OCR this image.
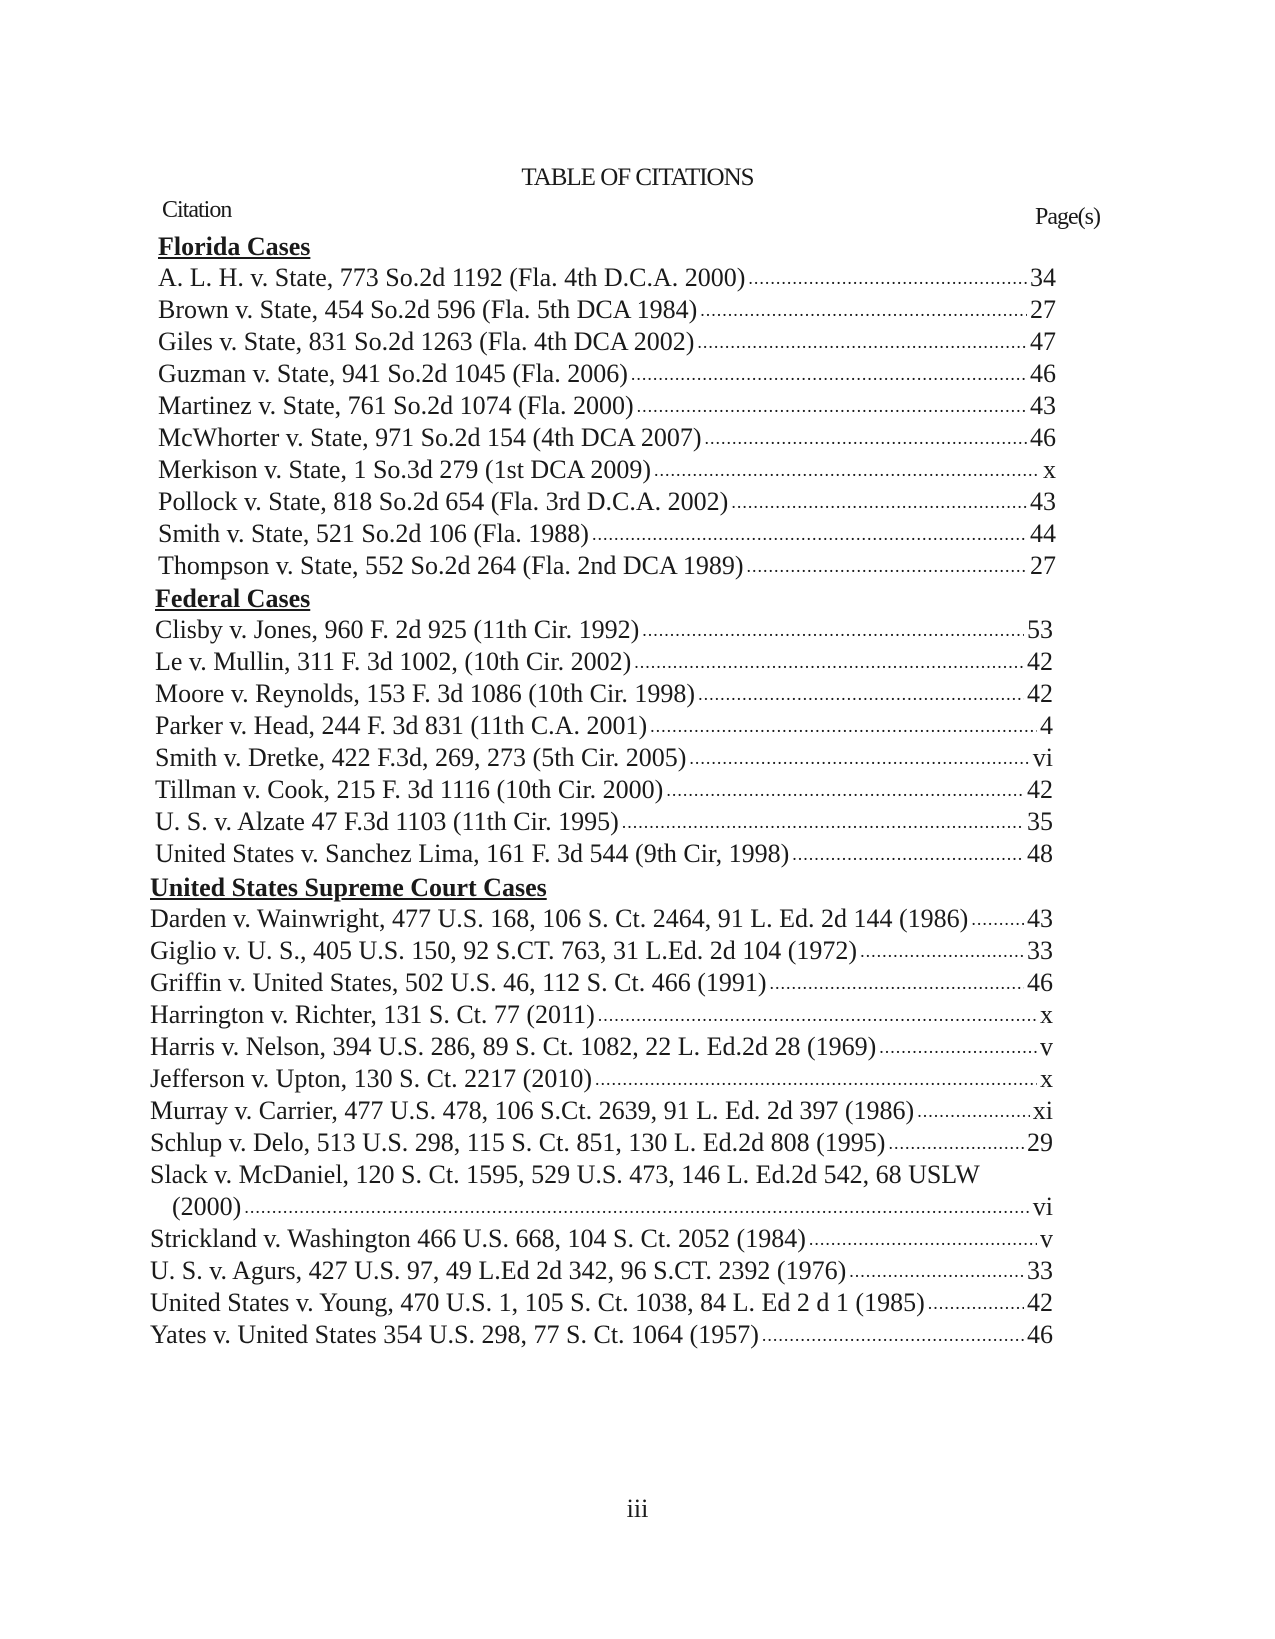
TABLE OF CITATIONS
Citation	Page(s)
Florida Cases
A. L. H. v. State, 773 So.2d 1192 (Fla. 4th D.C.A. 2000) .....	34
Brown v. State, 454 So.2d 596 (Fla. 5th DCA 1984) .....	27
Giles v. State, 831 So.2d 1263 (Fla. 4th DCA 2002) .....	47
Guzman v. State, 941 So.2d 1045 (Fla. 2006) .....	46
Martinez v. State, 761 So.2d 1074 (Fla. 2000) .....	43
McWhorter v. State, 971 So.2d 154 (4th DCA 2007) .....	46
Merkison v. State, 1 So.3d 279 (1st DCA 2009) .....	x
Pollock v. State, 818 So.2d 654 (Fla. 3rd D.C.A. 2002) .....	43
Smith v. State, 521 So.2d 106 (Fla. 1988) .....	44
Thompson v. State, 552 So.2d 264 (Fla. 2nd DCA 1989) .....	27
Federal Cases
Clisby v. Jones, 960 F. 2d 925 (11th Cir. 1992) .....	53
Le v. Mullin, 311 F. 3d 1002, (10th Cir. 2002) .....	42
Moore v. Reynolds, 153 F. 3d 1086 (10th Cir. 1998) .....	42
Parker v. Head, 244 F. 3d 831 (11th C.A. 2001) .....	4
Smith v. Dretke, 422 F.3d, 269, 273 (5th Cir. 2005) .....	vi
Tillman v. Cook, 215 F. 3d 1116 (10th Cir. 2000) .....	42
U. S. v. Alzate 47 F.3d 1103 (11th Cir. 1995) .....	35
United States v. Sanchez Lima, 161 F. 3d 544 (9th Cir, 1998) .....	48
United States Supreme Court Cases
Darden v. Wainwright, 477 U.S. 168, 106 S. Ct. 2464, 91 L. Ed. 2d 144 (1986) ..... 43
Giglio v. U. S., 405 U.S. 150, 92 S.CT. 763, 31 L.Ed. 2d 104 (1972) .....	33
Griffin v. United States, 502 U.S. 46, 112 S. Ct. 466 (1991) .....	46
Harrington v. Richter, 131 S. Ct. 77 (2011) .....	x
Harris v. Nelson, 394 U.S. 286, 89 S. Ct. 1082, 22 L. Ed.2d 28 (1969) .....	v
Jefferson v. Upton, 130 S. Ct. 2217 (2010) .....	x
Murray v. Carrier, 477 U.S. 478, 106 S.Ct. 2639, 91 L. Ed. 2d 397 (1986) .....	xi
Schlup v. Delo, 513 U.S. 298, 115 S. Ct. 851, 130 L. Ed.2d 808 (1995) .....	29
Slack v. McDaniel, 120 S. Ct. 1595, 529 U.S. 473, 146 L. Ed.2d 542, 68 USLW
(2000) .....	vi
Strickland v. Washington 466 U.S. 668, 104 S. Ct. 2052 (1984) .....	v
U. S. v. Agurs, 427 U.S. 97, 49 L.Ed 2d 342, 96 S.CT. 2392 (1976) .....	33
United States v. Young, 470 U.S. 1, 105 S. Ct. 1038, 84 L. Ed 2 d 1 (1985) .....	42
Yates v. United States 354 U.S. 298, 77 S. Ct. 1064 (1957) .....	46
iii
